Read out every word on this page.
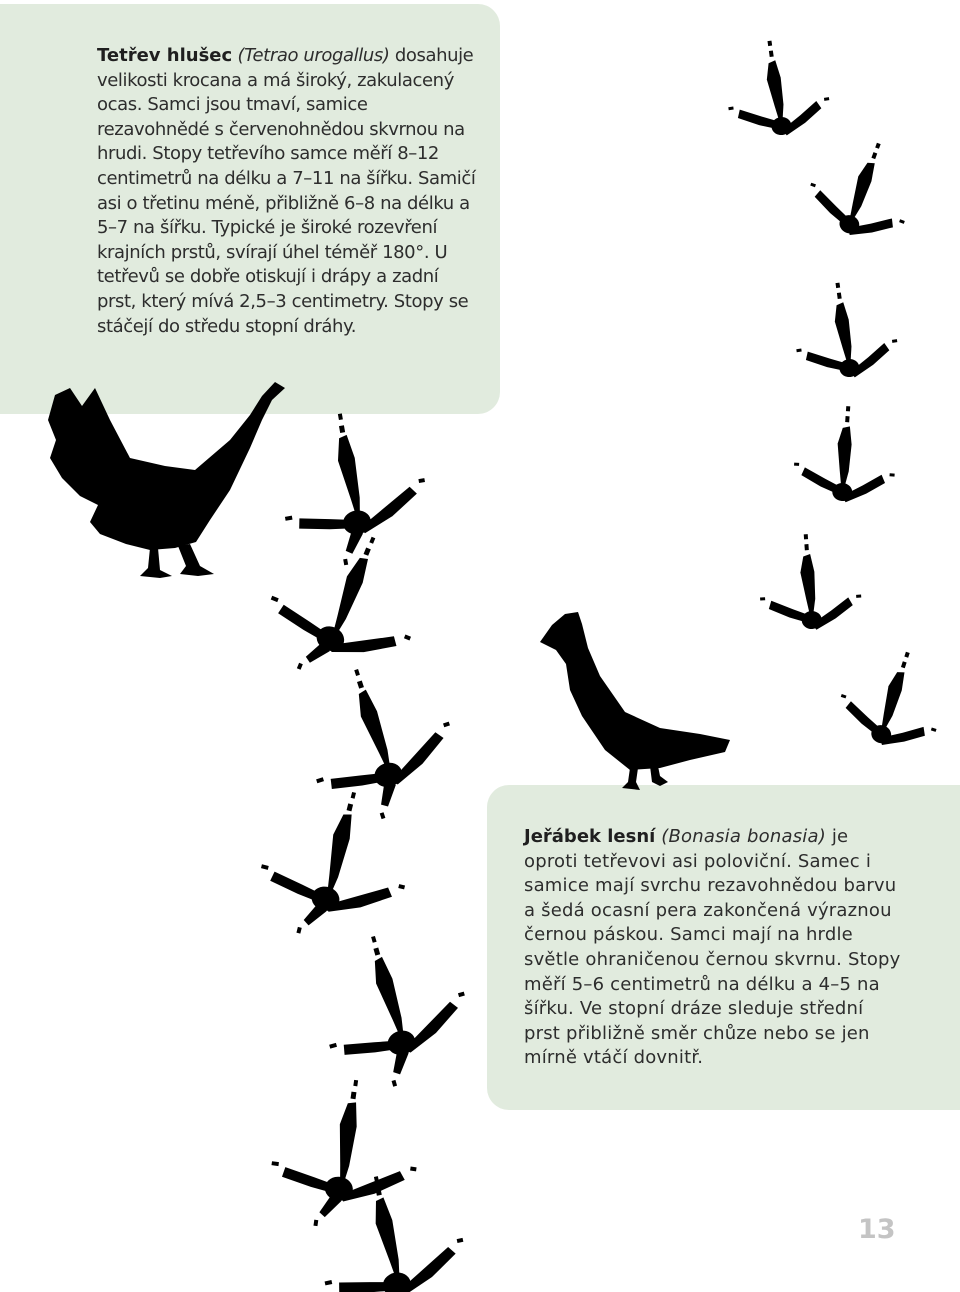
Tetřev hlušec (Tetrao urogallus) dosahuje velikosti krocana a má široký, zakulacený ocas. Samci jsou tmaví, samice rezavohnědé s červenohnědou skvrnou na hrudi. Stopy tetřevího samce měří 8–12 centimetrů na délku a 7–11 na šířku. Samičí asi o třetinu méně, přibližně 6–8 na délku a 5–7 na šířku. Typické je široké rozevření krajních prstů, svírají úhel téměř 180°. U tetřevů se dobře otiskují i drápy a zadní prst, který mívá 2,5–3 centimetry. Stopy se stáčejí do středu stopní dráhy.
Jeřábek lesní (Bonasia bonasia) je oproti tetřevovi asi poloviční. Samec i samice mají svrchu rezavohnědou barvu a šedá ocasní pera zakončená výraznou černou páskou. Samci mají na hrdle světle ohraničenou černou skvrnu. Stopy měří 5–6 centimetrů na délku a 4–5 na šířku. Ve stopní dráze sleduje střední prst přibližně směr chůze nebo se jen mírně vtáčí dovnitř.
13
